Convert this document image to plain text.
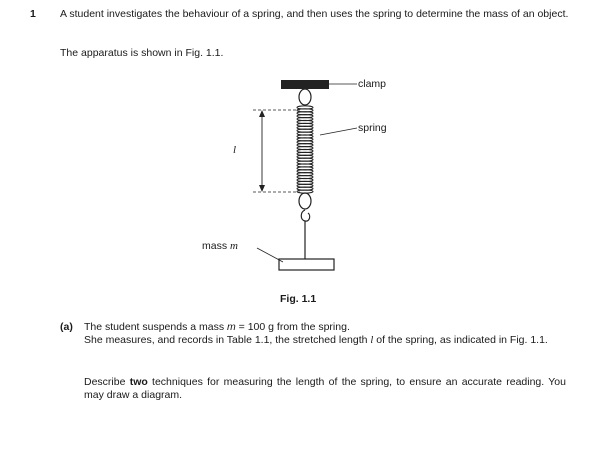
1 A student investigates the behaviour of a spring, and then uses the spring to determine the mass of an object.
The apparatus is shown in Fig. 1.1.
clamp
spring
mass m
l
Fig. 1.1
(a) The student suspends a mass m = 100 g from the spring.
She measures, and records in Table 1.1, the stretched length l of the spring, as indicated in Fig. 1.1.
Describe two techniques for measuring the length of the spring, to ensure an accurate reading. You may draw a diagram.
